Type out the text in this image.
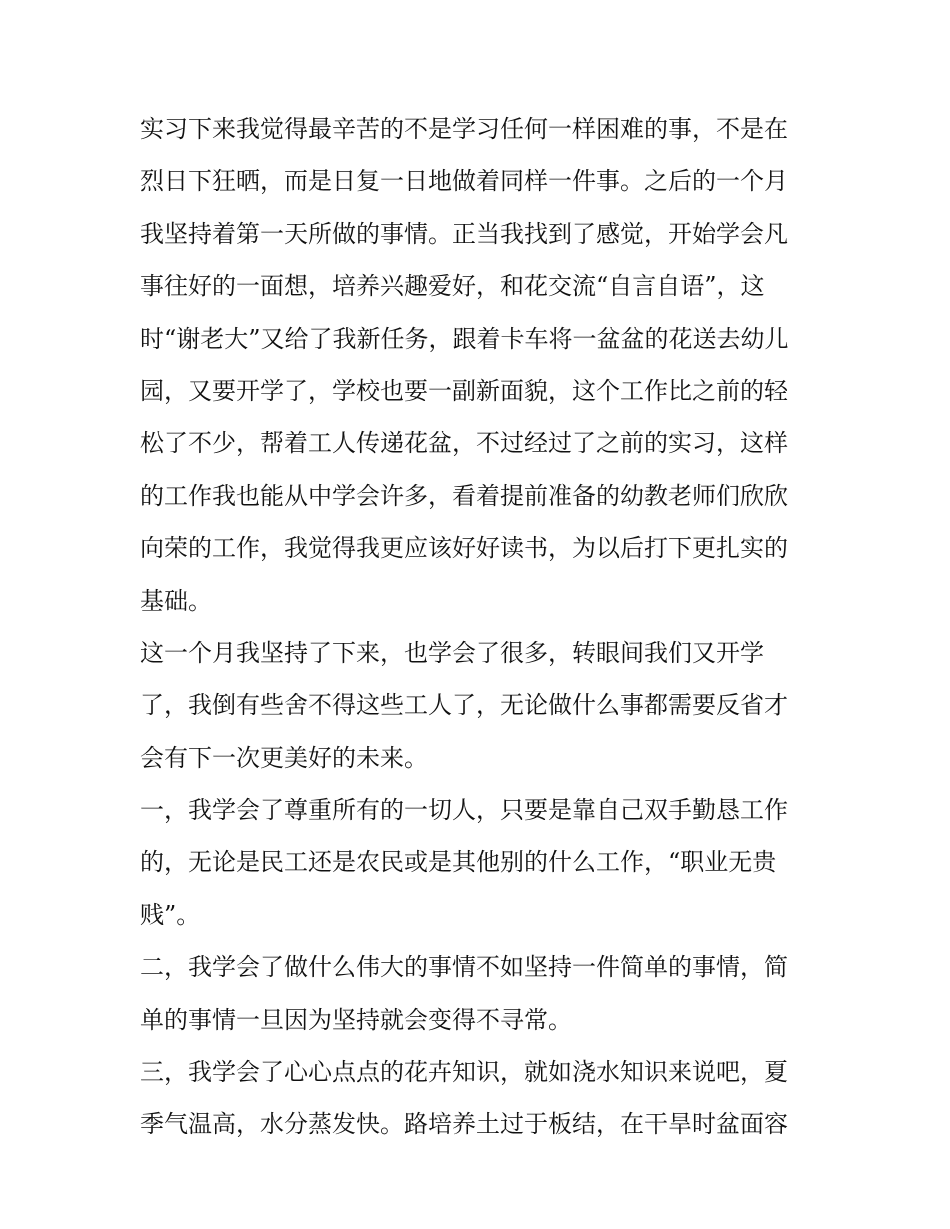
实习下来我觉得最辛苦的不是学习任何一样困难的事，不是在
烈日下狂晒，而是日复一日地做着同样一件事。之后的一个月
我坚持着第一天所做的事情。正当我找到了感觉，开始学会凡
事往好的一面想，培养兴趣爱好，和花交流“自言自语”，这
时“谢老大”又给了我新任务，跟着卡车将一盆盆的花送去幼儿
园，又要开学了，学校也要一副新面貌，这个工作比之前的轻
松了不少，帮着工人传递花盆，不过经过了之前的实习，这样
的工作我也能从中学会许多，看着提前准备的幼教老师们欣欣
向荣的工作，我觉得我更应该好好读书，为以后打下更扎实的
基础。
这一个月我坚持了下来，也学会了很多，转眼间我们又开学
了，我倒有些舍不得这些工人了，无论做什么事都需要反省才
会有下一次更美好的未来。
一，我学会了尊重所有的一切人，只要是靠自己双手勤恳工作
的，无论是民工还是农民或是其他别的什么工作，“职业无贵
贱”。
二，我学会了做什么伟大的事情不如坚持一件简单的事情，简
单的事情一旦因为坚持就会变得不寻常。
三，我学会了心心点点的花卉知识，就如浇水知识来说吧，夏
季气温高，水分蒸发快。路培养土过于板结，在干旱时盆面容
